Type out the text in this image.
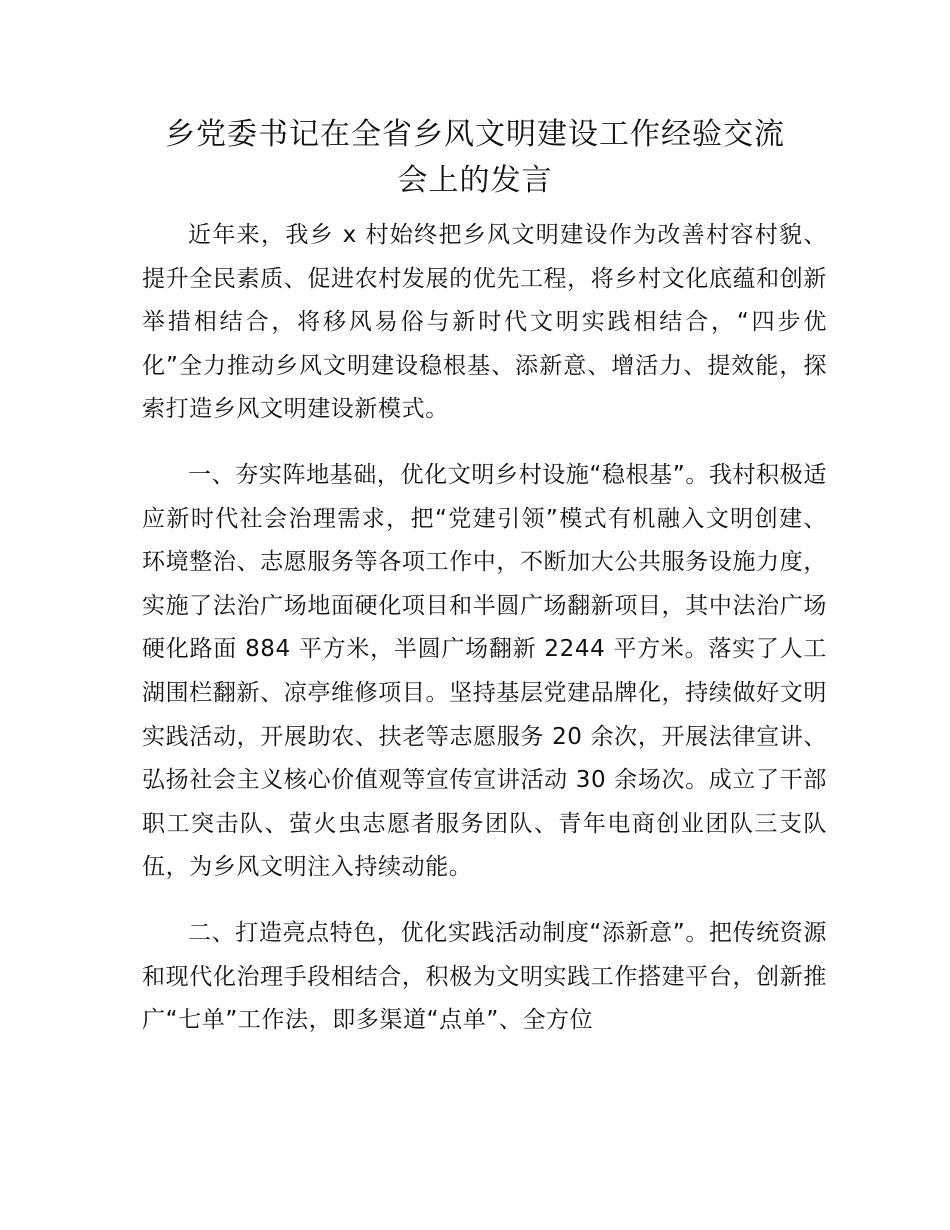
乡党委书记在全省乡风文明建设工作经验交流
会上的发言

近年来，我乡 x 村始终把乡风文明建设作为改善村容村貌、提升全民素质、促进农村发展的优先工程，将乡村文化底蕴和创新举措相结合，将移风易俗与新时代文明实践相结合，“四步优化”全力推动乡风文明建设稳根基、添新意、增活力、提效能，探索打造乡风文明建设新模式。

一、夯实阵地基础，优化文明乡村设施“稳根基”。我村积极适应新时代社会治理需求，把“党建引领”模式有机融入文明创建、环境整治、志愿服务等各项工作中，不断加大公共服务设施力度，实施了法治广场地面硬化项目和半圆广场翻新项目，其中法治广场硬化路面 884 平方米，半圆广场翻新 2244 平方米。落实了人工湖围栏翻新、凉亭维修项目。坚持基层党建品牌化，持续做好文明实践活动，开展助农、扶老等志愿服务 20 余次，开展法律宣讲、弘扬社会主义核心价值观等宣传宣讲活动 30 余场次。成立了干部职工突击队、萤火虫志愿者服务团队、青年电商创业团队三支队伍，为乡风文明注入持续动能。

二、打造亮点特色，优化实践活动制度“添新意”。把传统资源和现代化治理手段相结合，积极为文明实践工作搭建平台，创新推广“七单”工作法，即多渠道“点单”、全方位
